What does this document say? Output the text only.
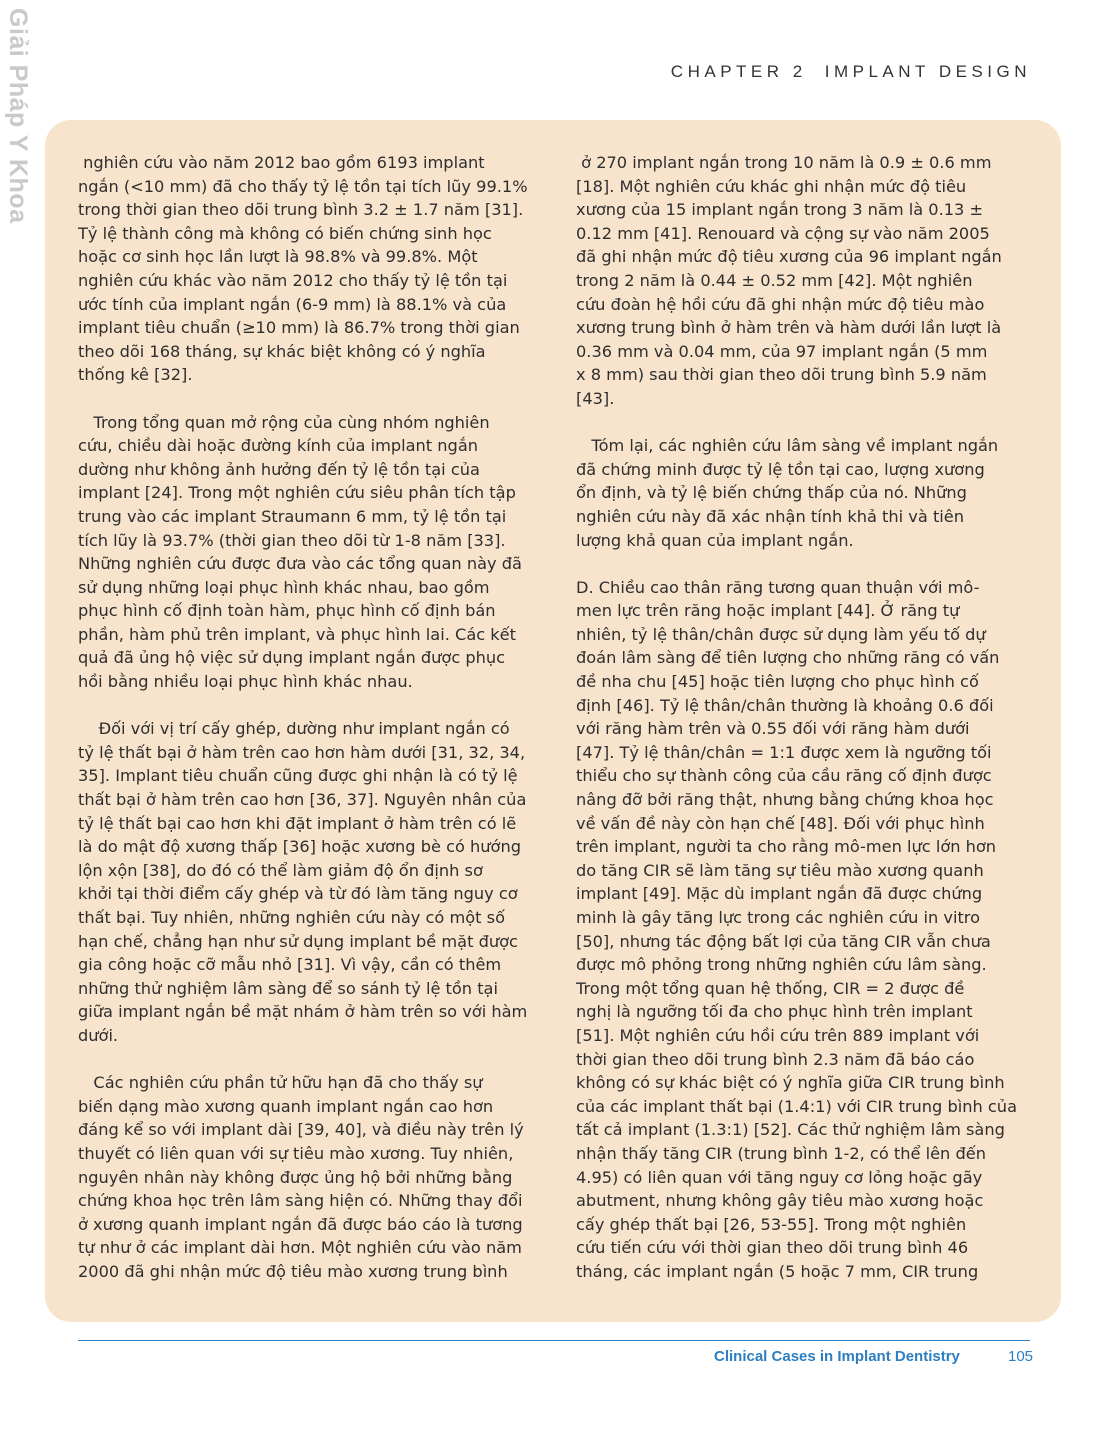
Giải Pháp Y Khoa	CHAPTER 2 IMPLANT DESIGN
nghiên cứu vào năm 2012 bao gồm 6193 implant
ngắn (<10 mm) đã cho thấy tỷ lệ tồn tại tích lũy 99.1%
trong thời gian theo dõi trung bình 3.2 ± 1.7 năm [31].
Tỷ lệ thành công mà không có biến chứng sinh học
hoặc cơ sinh học lần lượt là 98.8% và 99.8%. Một
nghiên cứu khác vào năm 2012 cho thấy tỷ lệ tồn tại
ước tính của implant ngắn (6-9 mm) là 88.1% và của
implant tiêu chuẩn (≥10 mm) là 86.7% trong thời gian
theo dõi 168 tháng, sự khác biệt không có ý nghĩa
thống kê [32].
Trong tổng quan mở rộng của cùng nhóm nghiên
cứu, chiều dài hoặc đường kính của implant ngắn
dường như không ảnh hưởng đến tỷ lệ tồn tại của
implant [24]. Trong một nghiên cứu siêu phân tích tập
trung vào các implant Straumann 6 mm, tỷ lệ tồn tại
tích lũy là 93.7% (thời gian theo dõi từ 1-8 năm [33].
Những nghiên cứu được đưa vào các tổng quan này đã
sử dụng những loại phục hình khác nhau, bao gồm
phục hình cố định toàn hàm, phục hình cố định bán
phần, hàm phủ trên implant, và phục hình lai. Các kết
quả đã ủng hộ việc sử dụng implant ngắn được phục
hồi bằng nhiều loại phục hình khác nhau.
Đối với vị trí cấy ghép, dường như implant ngắn có
tỷ lệ thất bại ở hàm trên cao hơn hàm dưới [31, 32, 34,
35]. Implant tiêu chuẩn cũng được ghi nhận là có tỷ lệ
thất bại ở hàm trên cao hơn [36, 37]. Nguyên nhân của
tỷ lệ thất bại cao hơn khi đặt implant ở hàm trên có lẽ
là do mật độ xương thấp [36] hoặc xương bè có hướng
lộn xộn [38], do đó có thể làm giảm độ ổn định sơ
khởi tại thời điểm cấy ghép và từ đó làm tăng nguy cơ
thất bại. Tuy nhiên, những nghiên cứu này có một số
hạn chế, chẳng hạn như sử dụng implant bề mặt được
gia công hoặc cỡ mẫu nhỏ [31]. Vì vậy, cần có thêm
những thử nghiệm lâm sàng để so sánh tỷ lệ tồn tại
giữa implant ngắn bề mặt nhám ở hàm trên so với hàm
dưới.
Các nghiên cứu phần tử hữu hạn đã cho thấy sự
biến dạng mào xương quanh implant ngắn cao hơn
đáng kể so với implant dài [39, 40], và điều này trên lý
thuyết có liên quan với sự tiêu mào xương. Tuy nhiên,
nguyên nhân này không được ủng hộ bởi những bằng
chứng khoa học trên lâm sàng hiện có. Những thay đổi
ở xương quanh implant ngắn đã được báo cáo là tương
tự như ở các implant dài hơn. Một nghiên cứu vào năm
2000 đã ghi nhận mức độ tiêu mào xương trung bình
ở 270 implant ngắn trong 10 năm là 0.9 ± 0.6 mm
[18]. Một nghiên cứu khác ghi nhận mức độ tiêu
xương của 15 implant ngắn trong 3 năm là 0.13 ±
0.12 mm [41]. Renouard và cộng sự vào năm 2005
đã ghi nhận mức độ tiêu xương của 96 implant ngắn
trong 2 năm là 0.44 ± 0.52 mm [42]. Một nghiên
cứu đoàn hệ hồi cứu đã ghi nhận mức độ tiêu mào
xương trung bình ở hàm trên và hàm dưới lần lượt là
0.36 mm và 0.04 mm, của 97 implant ngắn (5 mm
x 8 mm) sau thời gian theo dõi trung bình 5.9 năm
[43].
Tóm lại, các nghiên cứu lâm sàng về implant ngắn
đã chứng minh được tỷ lệ tồn tại cao, lượng xương
ổn định, và tỷ lệ biến chứng thấp của nó. Những
nghiên cứu này đã xác nhận tính khả thi và tiên
lượng khả quan của implant ngắn.
D. Chiều cao thân răng tương quan thuận với mô-
men lực trên răng hoặc implant [44]. Ở răng tự
nhiên, tỷ lệ thân/chân được sử dụng làm yếu tố dự
đoán lâm sàng để tiên lượng cho những răng có vấn
đề nha chu [45] hoặc tiên lượng cho phục hình cố
định [46]. Tỷ lệ thân/chân thường là khoảng 0.6 đối
với răng hàm trên và 0.55 đối với răng hàm dưới
[47]. Tỷ lệ thân/chân = 1:1 được xem là ngưỡng tối
thiểu cho sự thành công của cầu răng cố định được
nâng đỡ bởi răng thật, nhưng bằng chứng khoa học
về vấn đề này còn hạn chế [48]. Đối với phục hình
trên implant, người ta cho rằng mô-men lực lớn hơn
do tăng CIR sẽ làm tăng sự tiêu mào xương quanh
implant [49]. Mặc dù implant ngắn đã được chứng
minh là gây tăng lực trong các nghiên cứu in vitro
[50], nhưng tác động bất lợi của tăng CIR vẫn chưa
được mô phỏng trong những nghiên cứu lâm sàng.
Trong một tổng quan hệ thống, CIR = 2 được đề
nghị là ngưỡng tối đa cho phục hình trên implant
[51]. Một nghiên cứu hồi cứu trên 889 implant với
thời gian theo dõi trung bình 2.3 năm đã báo cáo
không có sự khác biệt có ý nghĩa giữa CIR trung bình
của các implant thất bại (1.4:1) với CIR trung bình của
tất cả implant (1.3:1) [52]. Các thử nghiệm lâm sàng
nhận thấy tăng CIR (trung bình 1-2, có thể lên đến
4.95) có liên quan với tăng nguy cơ lỏng hoặc gãy
abutment, nhưng không gây tiêu mào xương hoặc
cấy ghép thất bại [26, 53-55]. Trong một nghiên
cứu tiến cứu với thời gian theo dõi trung bình 46
tháng, các implant ngắn (5 hoặc 7 mm, CIR trung
Clinical Cases in Implant Dentistry	105
